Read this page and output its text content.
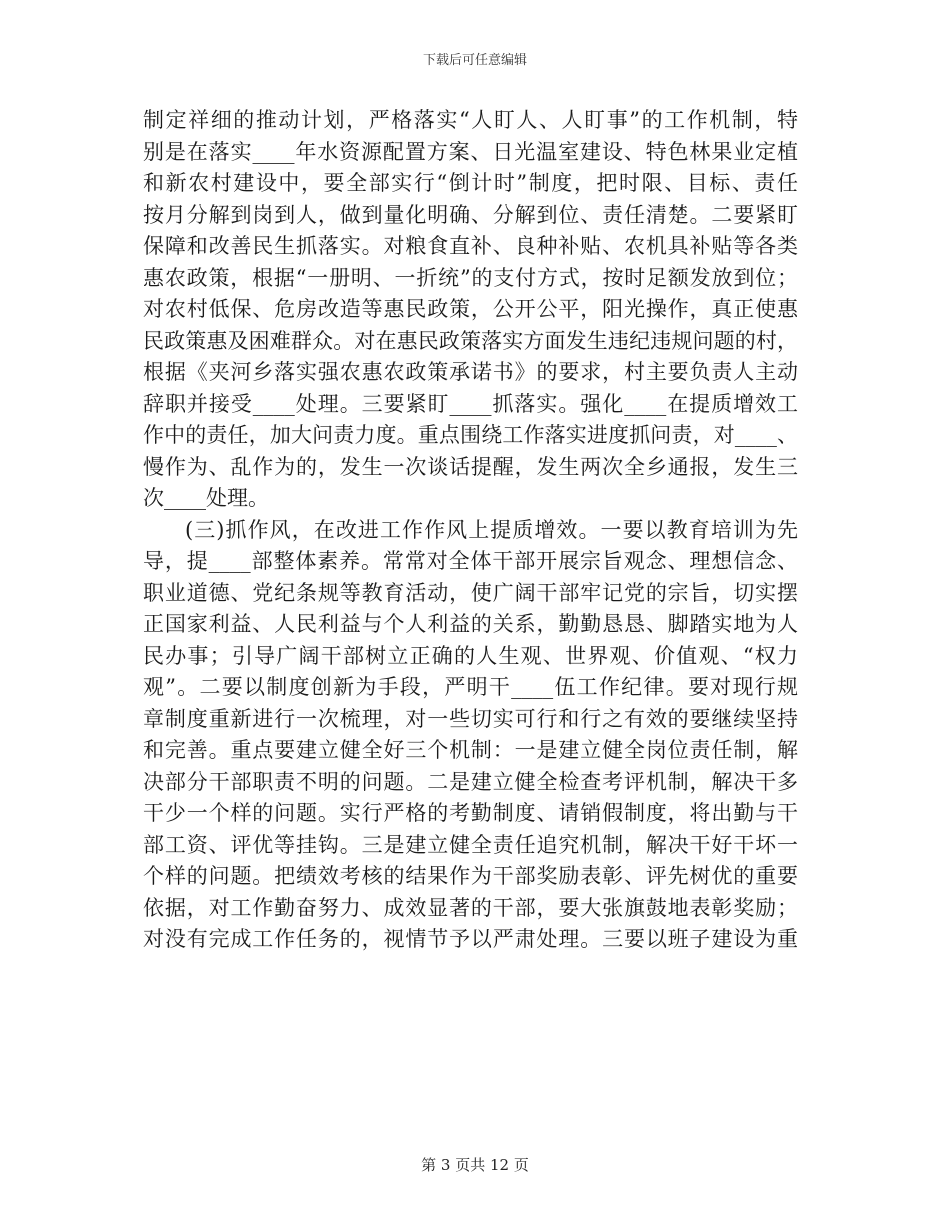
下载后可任意编辑
制定祥细的推动计划，严格落实“人盯人、人盯事”的工作机制，特
别是在落实____年水资源配置方案、日光温室建设、特色林果业定植
和新农村建设中，要全部实行“倒计时”制度，把时限、目标、责任
按月分解到岗到人，做到量化明确、分解到位、责任清楚。二要紧盯
保障和改善民生抓落实。对粮食直补、良种补贴、农机具补贴等各类
惠农政策，根据“一册明、一折统”的支付方式，按时足额发放到位；
对农村低保、危房改造等惠民政策，公开公平，阳光操作，真正使惠
民政策惠及困难群众。对在惠民政策落实方面发生违纪违规问题的村，
根据《夹河乡落实强农惠农政策承诺书》的要求，村主要负责人主动
辞职并接受____处理。三要紧盯____抓落实。强化____在提质增效工
作中的责任，加大问责力度。重点围绕工作落实进度抓问责，对____、
慢作为、乱作为的，发生一次谈话提醒，发生两次全乡通报，发生三
次____处理。
(三)抓作风，在改进工作作风上提质增效。一要以教育培训为先
导，提____部整体素养。常常对全体干部开展宗旨观念、理想信念、
职业道德、党纪条规等教育活动，使广阔干部牢记党的宗旨，切实摆
正国家利益、人民利益与个人利益的关系，勤勤恳恳、脚踏实地为人
民办事；引导广阔干部树立正确的人生观、世界观、价值观、“权力
观”。二要以制度创新为手段，严明干____伍工作纪律。要对现行规
章制度重新进行一次梳理，对一些切实可行和行之有效的要继续坚持
和完善。重点要建立健全好三个机制：一是建立健全岗位责任制，解
决部分干部职责不明的问题。二是建立健全检查考评机制，解决干多
干少一个样的问题。实行严格的考勤制度、请销假制度，将出勤与干
部工资、评优等挂钩。三是建立健全责任追究机制，解决干好干坏一
个样的问题。把绩效考核的结果作为干部奖励表彰、评先树优的重要
依据，对工作勤奋努力、成效显著的干部，要大张旗鼓地表彰奖励；
对没有完成工作任务的，视情节予以严肃处理。三要以班子建设为重
第 3 页共 12 页
